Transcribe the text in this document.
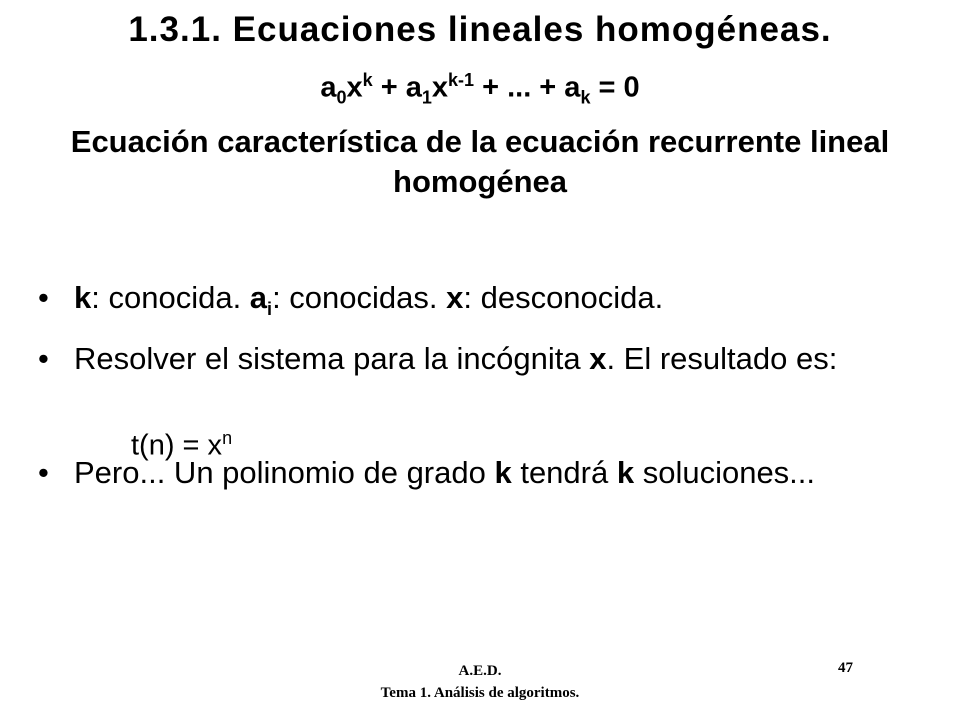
1.3.1. Ecuaciones lineales homogéneas.
$a_0x^k + a_1x^{k-1}$ + ... + $a_k = 0$
Ecuación característica de la ecuación recurrente lineal homogénea
• k: conocida. $a_i$: conocidas. x: desconocida.
• Resolver el sistema para la incógnita x. El resultado es:
• Pero... Un polinomio de grado k tendrá k soluciones...
$t(n) = x^n$
A.E.D.
Tema 1. Análisis de algoritmos.
47
